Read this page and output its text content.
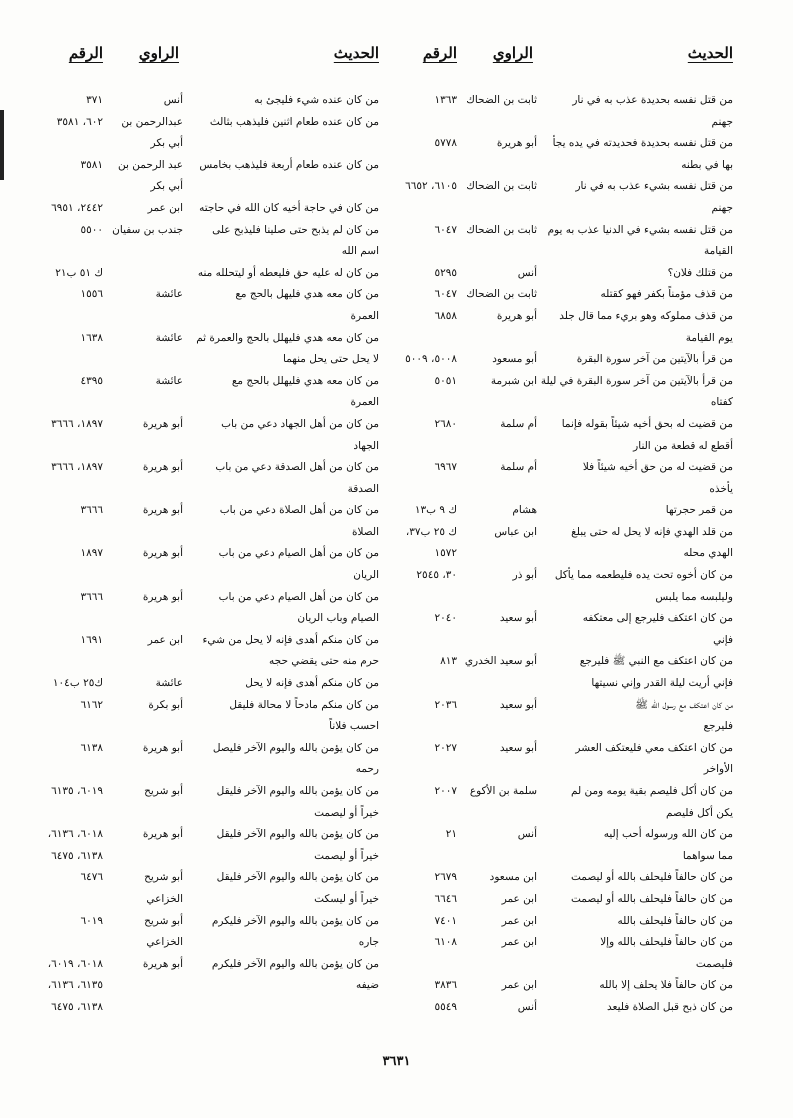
الحديث
الراوي
الرقم
من قتل نفسه بحديدة عذب به في نار
ثابت بن الضحاك
١٣٦٣
جهنم
من قتل نفسه بحديدة فحديدته في يده يجأ
أبو هريرة
٥٧٧٨
بها في بطنه
من قتل نفسه بشيء عذب به في نار
ثابت بن الضحاك
٦١٠٥، ٦٦٥٢
جهنم
من قتل نفسه بشيء في الدنيا عذب به يوم
ثابت بن الضحاك
٦٠٤٧
القيامة
من قتلك فلان؟
أنس
٥٢٩٥
من قذف مؤمناً بكفر فهو كقتله
ثابت بن الضحاك
٦٠٤٧
من قذف مملوكه وهو بريء مما قال جلد
أبو هريرة
٦٨٥٨
يوم القيامة
من قرأ بالآيتين من آخر سورة البقرة
أبو مسعود
٥٠٠٨، ٥٠٠٩
من قرأ بالآيتين من آخر سورة البقرة في ليلة
ابن شبرمة
٥٠٥١
كفتاه
من قضيت له بحق أخيه شيئاً بقوله فإنما
أم سلمة
٢٦٨٠
أقطع له قطعة من النار
من قضيت له من حق أخيه شيئاً فلا
أم سلمة
٦٩٦٧
يأخذه
من قمر حجرتها
هشام
ك ٩ ب١٣
من قلد الهدي فإنه لا يحل له حتى يبلغ
ابن عباس
ك ٢٥ ب٣٧،
الهدي محله
١٥٧٢
من كان أخوه تحت يده فليطعمه مما يأكل
أبو ذر
٣٠، ٢٥٤٥
وليلبسه مما يلبس
من كان اعتكف فليرجع إلى معتكفه
أبو سعيد
٢٠٤٠
فإني
من كان اعتكف مع النبي ﷺ فليرجع
أبو سعيد الخدري
٨١٣
فإني أريت ليلة القدر وإني نسيتها
من كان اعتكف مع رسول الله ﷺ
أبو سعيد
٢٠٣٦
فليرجع
من كان اعتكف معي فليعتكف العشر
أبو سعيد
٢٠٢٧
الأواخر
من كان أكل فليصم بقية يومه ومن لم
سلمة بن الأكوع
٢٠٠٧
يكن أكل فليصم
من كان الله ورسوله أحب إليه
أنس
٢١
مما سواهما
من كان حالفاً فليحلف بالله أو ليصمت
ابن مسعود
٢٦٧٩
من كان حالفاً فليحلف بالله أو ليصمت
ابن عمر
٦٦٤٦
من كان حالفاً فليحلف بالله
ابن عمر
٧٤٠١
من كان حالفاً فليحلف بالله وإلا
ابن عمر
٦١٠٨
فليصمت
من كان حالفاً فلا يحلف إلا بالله
ابن عمر
٣٨٣٦
من كان ذبح قبل الصلاة فليعد
أنس
٥٥٤٩
الحديث
الراوي
الرقم
من كان عنده شيء فليجئ به
أنس
٣٧١
من كان عنده طعام اثنين فليذهب بثالث
عبدالرحمن بن
٦٠٢، ٣٥٨١
أبي بكر
من كان عنده طعام أربعة فليذهب بخامس
عبد الرحمن بن
٣٥٨١
أبي بكر
من كان في حاجة أخيه كان الله في حاجته
ابن عمر
٢٤٤٢، ٦٩٥١
من كان لم يذبح حتى صلينا فليذبح على
جندب بن سفيان
٥٥٠٠
اسم الله
من كان له عليه حق فليعطه أو ليتحلله منه
ك ٥١ ب٢١
من كان معه هدي فليهل بالحج مع
عائشة
١٥٥٦
العمرة
من كان معه هدي فليهلل بالحج والعمرة ثم
عائشة
١٦٣٨
لا يحل حتى يحل منهما
من كان معه هدي فليهلل بالحج مع
عائشة
٤٣٩٥
العمرة
من كان من أهل الجهاد دعي من باب
أبو هريرة
١٨٩٧، ٣٦٦٦
الجهاد
من كان من أهل الصدقة دعي من باب
أبو هريرة
١٨٩٧، ٣٦٦٦
الصدقة
من كان من أهل الصلاة دعي من باب
أبو هريرة
٣٦٦٦
الصلاة
من كان من أهل الصيام دعي من باب
أبو هريرة
١٨٩٧
الريان
من كان من أهل الصيام دعي من باب
أبو هريرة
٣٦٦٦
الصيام وباب الريان
من كان منكم أهدى فإنه لا يحل من شيء
ابن عمر
١٦٩١
حرم منه حتى يقضي حجه
من كان منكم أهدى فإنه لا يحل
عائشة
ك٢٥ ب١٠٤
من كان منكم مادحاً لا محالة فليقل
أبو بكرة
٦١٦٢
احسب فلاناً
من كان يؤمن بالله واليوم الآخر فليصل
أبو هريرة
٦١٣٨
رحمه
من كان يؤمن بالله واليوم الآخر فليقل
أبو شريح
٦٠١٩، ٦١٣٥
خيراً أو ليصمت
من كان يؤمن بالله واليوم الآخر فليقل
أبو هريرة
٦٠١٨، ٦١٣٦،
خيراً أو ليصمت
٦١٣٨، ٦٤٧٥
من كان يؤمن بالله واليوم الآخر فليقل
أبو شريح
٦٤٧٦
خيراً أو ليسكت
الخزاعي
من كان يؤمن بالله واليوم الآخر فليكرم
أبو شريح
٦٠١٩
جاره
الخزاعي
من كان يؤمن بالله واليوم الآخر فليكرم
أبو هريرة
٦٠١٨، ٦٠١٩،
ضيفه
٦١٣٥، ٦١٣٦،
٦١٣٨، ٦٤٧٥
٣٦٣١
